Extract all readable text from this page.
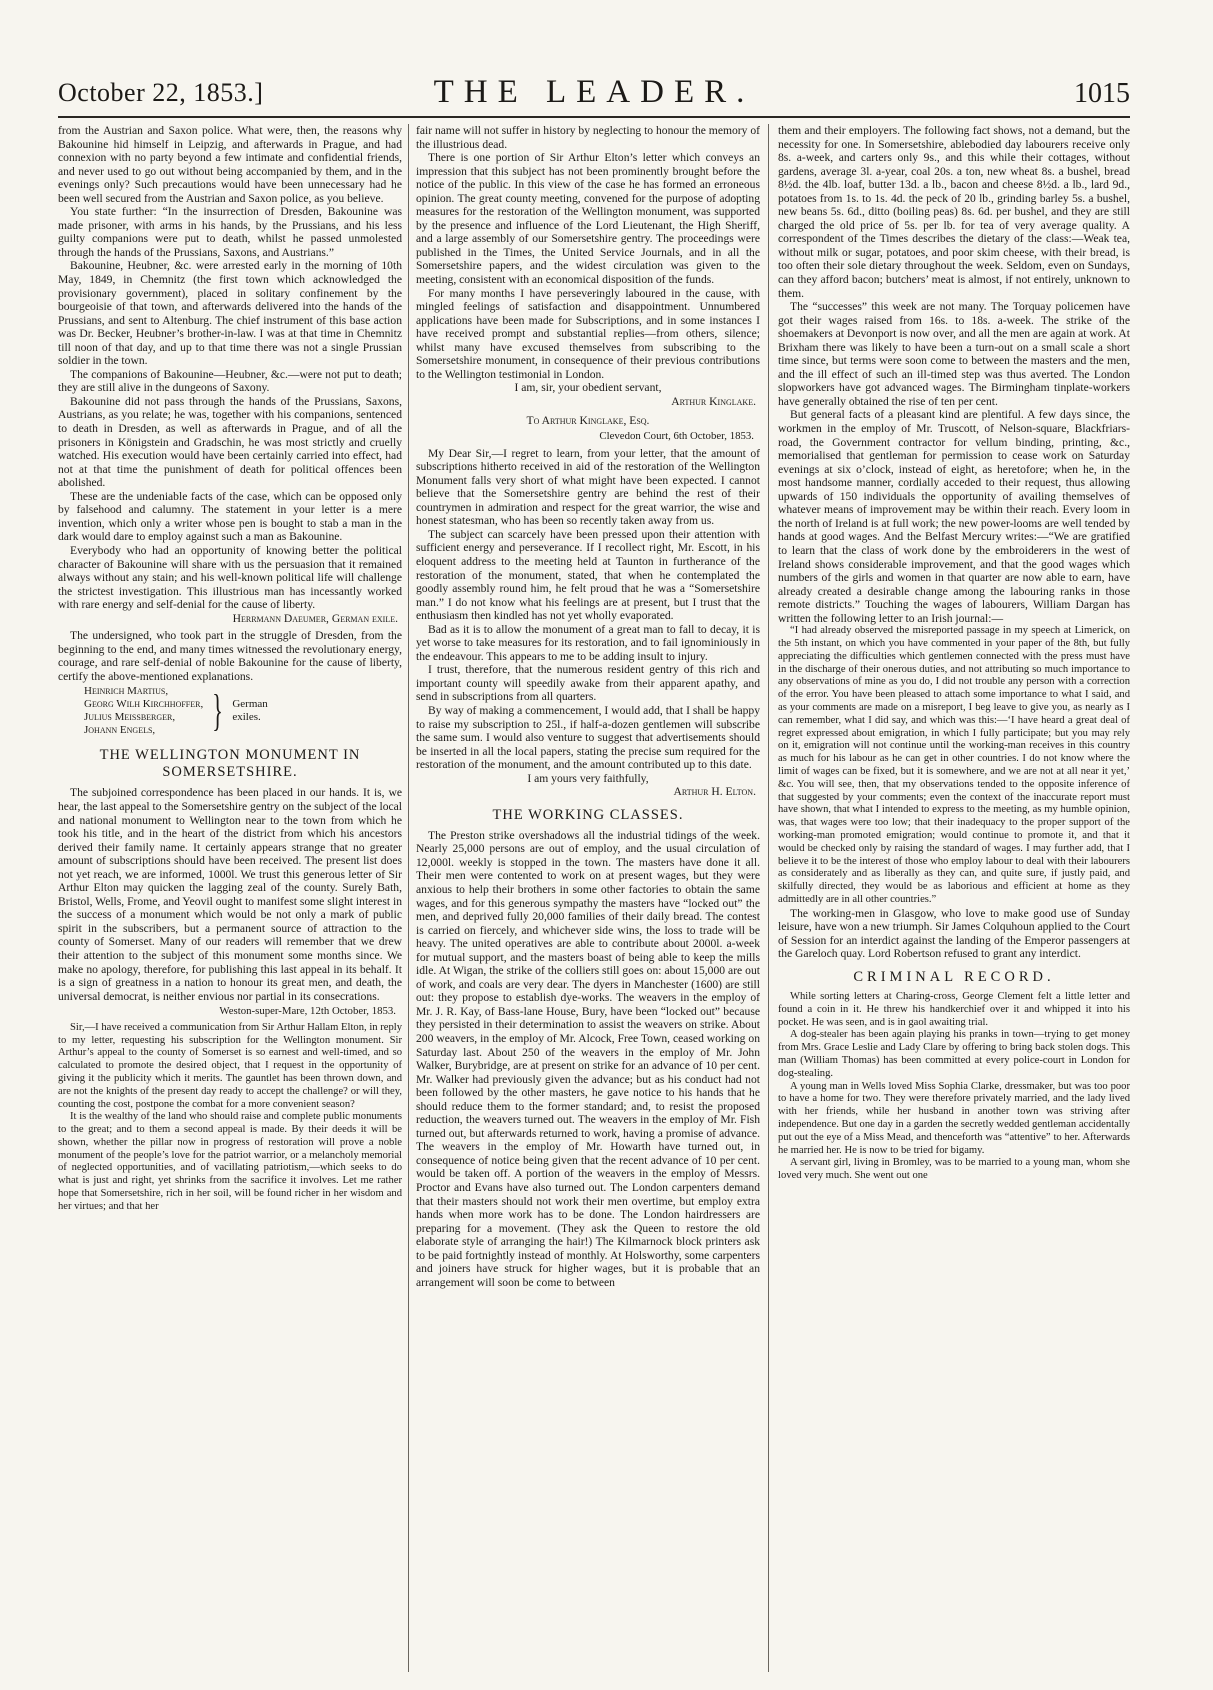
October 22, 1853.]	THE LEADER.	1015

from the Austrian and Saxon police. What were, then, the reasons why Bakounine hid himself in Leipzig, and afterwards in Prague, and had connexion with no party beyond a few intimate and confidential friends, and never used to go out without being accompanied by them, and in the evenings only? Such precautions would have been unnecessary had he been well secured from the Austrian and Saxon police, as you believe.

You state further: “In the insurrection of Dresden, Bakounine was made prisoner, with arms in his hands, by the Prussians, and his less guilty companions were put to death, whilst he passed unmolested through the hands of the Prussians, Saxons, and Austrians.”

Bakounine, Heubner, &c. were arrested early in the morning of 10th May, 1849, in Chemnitz (the first town which acknowledged the provisionary government), placed in solitary confinement by the bourgeoisie of that town, and afterwards delivered into the hands of the Prussians, and sent to Altenburg. The chief instrument of this base action was Dr. Becker, Heubner’s brother-in-law. I was at that time in Chemnitz till noon of that day, and up to that time there was not a single Prussian soldier in the town.

The companions of Bakounine—Heubner, &c.—were not put to death; they are still alive in the dungeons of Saxony.

Bakounine did not pass through the hands of the Prussians, Saxons, Austrians, as you relate; he was, together with his companions, sentenced to death in Dresden, as well as afterwards in Prague, and of all the prisoners in Königstein and Gradschin, he was most strictly and cruelly watched. His execution would have been certainly carried into effect, had not at that time the punishment of death for political offences been abolished.

These are the undeniable facts of the case, which can be opposed only by falsehood and calumny. The statement in your letter is a mere invention, which only a writer whose pen is bought to stab a man in the dark would dare to employ against such a man as Bakounine.

Everybody who had an opportunity of knowing better the political character of Bakounine will share with us the persuasion that it remained always without any stain; and his well-known political life will challenge the strictest investigation. This illustrious man has incessantly worked with rare energy and self-denial for the cause of liberty.

Herrmann Daeumer, German exile.

The undersigned, who took part in the struggle of Dresden, from the beginning to the end, and many times witnessed the revolutionary energy, courage, and rare self-denial of noble Bakounine for the cause of liberty, certify the above-mentioned explanations.

Heinrich Martius,
Georg Wilh Kirchhoffer,
Julius Meissberger,
Johann Engels,	} German
exiles.
THE WELLINGTON MONUMENT IN SOMERSETSHIRE.

The subjoined correspondence has been placed in our hands. It is, we hear, the last appeal to the Somersetshire gentry on the subject of the local and national monument to Wellington near to the town from which he took his title, and in the heart of the district from which his ancestors derived their family name. It certainly appears strange that no greater amount of subscriptions should have been received. The present list does not yet reach, we are informed, 1000l. We trust this generous letter of Sir Arthur Elton may quicken the lagging zeal of the county. Surely Bath, Bristol, Wells, Frome, and Yeovil ought to manifest some slight interest in the success of a monument which would be not only a mark of public spirit in the subscribers, but a permanent source of attraction to the county of Somerset. Many of our readers will remember that we drew their attention to the subject of this monument some months since. We make no apology, therefore, for publishing this last appeal in its behalf. It is a sign of greatness in a nation to honour its great men, and death, the universal democrat, is neither envious nor partial in its consecrations.

Weston-super-Mare, 12th October, 1853.

Sir,—I have received a communication from Sir Arthur Hallam Elton, in reply to my letter, requesting his subscription for the Wellington monument. Sir Arthur’s appeal to the county of Somerset is so earnest and well-timed, and so calculated to promote the desired object, that I request in the opportunity of giving it the publicity which it merits. The gauntlet has been thrown down, and are not the knights of the present day ready to accept the challenge? or will they, counting the cost, postpone the combat for a more convenient season?

It is the wealthy of the land who should raise and complete public monuments to the great; and to them a second appeal is made. By their deeds it will be shown, whether the pillar now in progress of restoration will prove a noble monument of the people’s love for the patriot warrior, or a melancholy memorial of neglected opportunities, and of vacillating patriotism,—which seeks to do what is just and right, yet shrinks from the sacrifice it involves. Let me rather hope that Somersetshire, rich in her soil, will be found richer in her wisdom and her virtues; and that her

fair name will not suffer in history by neglecting to honour the memory of the illustrious dead.

There is one portion of Sir Arthur Elton’s letter which conveys an impression that this subject has not been prominently brought before the notice of the public. In this view of the case he has formed an erroneous opinion. The great county meeting, convened for the purpose of adopting measures for the restoration of the Wellington monument, was supported by the presence and influence of the Lord Lieutenant, the High Sheriff, and a large assembly of our Somersetshire gentry. The proceedings were published in the Times, the United Service Journals, and in all the Somersetshire papers, and the widest circulation was given to the meeting, consistent with an economical disposition of the funds.

For many months I have perseveringly laboured in the cause, with mingled feelings of satisfaction and disappointment. Unnumbered applications have been made for Subscriptions, and in some instances I have received prompt and substantial replies—from others, silence; whilst many have excused themselves from subscribing to the Somersetshire monument, in consequence of their previous contributions to the Wellington testimonial in London.

I am, sir, your obedient servant,
Arthur Kinglake.
To Arthur Kinglake, Esq.
Clevedon Court, 6th October, 1853.

My Dear Sir,—I regret to learn, from your letter, that the amount of subscriptions hitherto received in aid of the restoration of the Wellington Monument falls very short of what might have been expected. I cannot believe that the Somersetshire gentry are behind the rest of their countrymen in admiration and respect for the great warrior, the wise and honest statesman, who has been so recently taken away from us.

The subject can scarcely have been pressed upon their attention with sufficient energy and perseverance. If I recollect right, Mr. Escott, in his eloquent address to the meeting held at Taunton in furtherance of the restoration of the monument, stated, that when he contemplated the goodly assembly round him, he felt proud that he was a “Somersetshire man.” I do not know what his feelings are at present, but I trust that the enthusiasm then kindled has not yet wholly evaporated.

Bad as it is to allow the monument of a great man to fall to decay, it is yet worse to take measures for its restoration, and to fail ignominiously in the endeavour. This appears to me to be adding insult to injury.

I trust, therefore, that the numerous resident gentry of this rich and important county will speedily awake from their apparent apathy, and send in subscriptions from all quarters.

By way of making a commencement, I would add, that I shall be happy to raise my subscription to 25l., if half-a-dozen gentlemen will subscribe the same sum. I would also venture to suggest that advertisements should be inserted in all the local papers, stating the precise sum required for the restoration of the monument, and the amount contributed up to this date.

I am yours very faithfully,
Arthur H. Elton.
THE WORKING CLASSES.

The Preston strike overshadows all the industrial tidings of the week. Nearly 25,000 persons are out of employ, and the usual circulation of 12,000l. weekly is stopped in the town. The masters have done it all. Their men were contented to work on at present wages, but they were anxious to help their brothers in some other factories to obtain the same wages, and for this generous sympathy the masters have “locked out” the men, and deprived fully 20,000 families of their daily bread. The contest is carried on fiercely, and whichever side wins, the loss to trade will be heavy. The united operatives are able to contribute about 2000l. a-week for mutual support, and the masters boast of being able to keep the mills idle. At Wigan, the strike of the colliers still goes on: about 15,000 are out of work, and coals are very dear. The dyers in Manchester (1600) are still out: they propose to establish dye-works. The weavers in the employ of Mr. J. R. Kay, of Bass-lane House, Bury, have been “locked out” because they persisted in their determination to assist the weavers on strike. About 200 weavers, in the employ of Mr. Alcock, Free Town, ceased working on Saturday last. About 250 of the weavers in the employ of Mr. John Walker, Burybridge, are at present on strike for an advance of 10 per cent. Mr. Walker had previously given the advance; but as his conduct had not been followed by the other masters, he gave notice to his hands that he should reduce them to the former standard; and, to resist the proposed reduction, the weavers turned out. The weavers in the employ of Mr. Fish turned out, but afterwards returned to work, having a promise of advance. The weavers in the employ of Mr. Howarth have turned out, in consequence of notice being given that the recent advance of 10 per cent. would be taken off. A portion of the weavers in the employ of Messrs. Proctor and Evans have also turned out. The London carpenters demand that their masters should not work their men overtime, but employ extra hands when more work has to be done. The London hairdressers are preparing for a movement. (They ask the Queen to restore the old elaborate style of arranging the hair!) The Kilmarnock block printers ask to be paid fortnightly instead of monthly. At Holsworthy, some carpenters and joiners have struck for higher wages, but it is probable that an arrangement will soon be come to between

them and their employers. The following fact shows, not a demand, but the necessity for one. In Somersetshire, ablebodied day labourers receive only 8s. a-week, and carters only 9s., and this while their cottages, without gardens, average 3l. a-year, coal 20s. a ton, new wheat 8s. a bushel, bread 8½d. the 4lb. loaf, butter 13d. a lb., bacon and cheese 8½d. a lb., lard 9d., potatoes from 1s. to 1s. 4d. the peck of 20 lb., grinding barley 5s. a bushel, new beans 5s. 6d., ditto (boiling peas) 8s. 6d. per bushel, and they are still charged the old price of 5s. per lb. for tea of very average quality. A correspondent of the Times describes the dietary of the class:—Weak tea, without milk or sugar, potatoes, and poor skim cheese, with their bread, is too often their sole dietary throughout the week. Seldom, even on Sundays, can they afford bacon; butchers’ meat is almost, if not entirely, unknown to them.

The “successes” this week are not many. The Torquay policemen have got their wages raised from 16s. to 18s. a-week. The strike of the shoemakers at Devonport is now over, and all the men are again at work. At Brixham there was likely to have been a turn-out on a small scale a short time since, but terms were soon come to between the masters and the men, and the ill effect of such an ill-timed step was thus averted. The London slopworkers have got advanced wages. The Birmingham tinplate-workers have generally obtained the rise of ten per cent.

But general facts of a pleasant kind are plentiful. A few days since, the workmen in the employ of Mr. Truscott, of Nelson-square, Blackfriars-road, the Government contractor for vellum binding, printing, &c., memorialised that gentleman for permission to cease work on Saturday evenings at six o’clock, instead of eight, as heretofore; when he, in the most handsome manner, cordially acceded to their request, thus allowing upwards of 150 individuals the opportunity of availing themselves of whatever means of improvement may be within their reach. Every loom in the north of Ireland is at full work; the new power-looms are well tended by hands at good wages. And the Belfast Mercury writes:—“We are gratified to learn that the class of work done by the embroiderers in the west of Ireland shows considerable improvement, and that the good wages which numbers of the girls and women in that quarter are now able to earn, have already created a desirable change among the labouring ranks in those remote districts.” Touching the wages of labourers, William Dargan has written the following letter to an Irish journal:—

“I had already observed the misreported passage in my speech at Limerick, on the 5th instant, on which you have commented in your paper of the 8th, but fully appreciating the difficulties which gentlemen connected with the press must have in the discharge of their onerous duties, and not attributing so much importance to any observations of mine as you do, I did not trouble any person with a correction of the error. You have been pleased to attach some importance to what I said, and as your comments are made on a misreport, I beg leave to give you, as nearly as I can remember, what I did say, and which was this:—‘I have heard a great deal of regret expressed about emigration, in which I fully participate; but you may rely on it, emigration will not continue until the working-man receives in this country as much for his labour as he can get in other countries. I do not know where the limit of wages can be fixed, but it is somewhere, and we are not at all near it yet,’ &c. You will see, then, that my observations tended to the opposite inference of that suggested by your comments; even the context of the inaccurate report must have shown, that what I intended to express to the meeting, as my humble opinion, was, that wages were too low; that their inadequacy to the proper support of the working-man promoted emigration; would continue to promote it, and that it would be checked only by raising the standard of wages. I may further add, that I believe it to be the interest of those who employ labour to deal with their labourers as considerately and as liberally as they can, and quite sure, if justly paid, and skilfully directed, they would be as laborious and efficient at home as they admittedly are in all other countries.”

The working-men in Glasgow, who love to make good use of Sunday leisure, have won a new triumph. Sir James Colquhoun applied to the Court of Session for an interdict against the landing of the Emperor passengers at the Gareloch quay. Lord Robertson refused to grant any interdict.

CRIMINAL RECORD.

While sorting letters at Charing-cross, George Clement felt a little letter and found a coin in it. He threw his handkerchief over it and whipped it into his pocket. He was seen, and is in gaol awaiting trial.

A dog-stealer has been again playing his pranks in town—trying to get money from Mrs. Grace Leslie and Lady Clare by offering to bring back stolen dogs. This man (William Thomas) has been committed at every police-court in London for dog-stealing.

A young man in Wells loved Miss Sophia Clarke, dressmaker, but was too poor to have a home for two. They were therefore privately married, and the lady lived with her friends, while her husband in another town was striving after independence. But one day in a garden the secretly wedded gentleman accidentally put out the eye of a Miss Mead, and thenceforth was “attentive” to her. Afterwards he married her. He is now to be tried for bigamy.

A servant girl, living in Bromley, was to be married to a young man, whom she loved very much. She went out one
